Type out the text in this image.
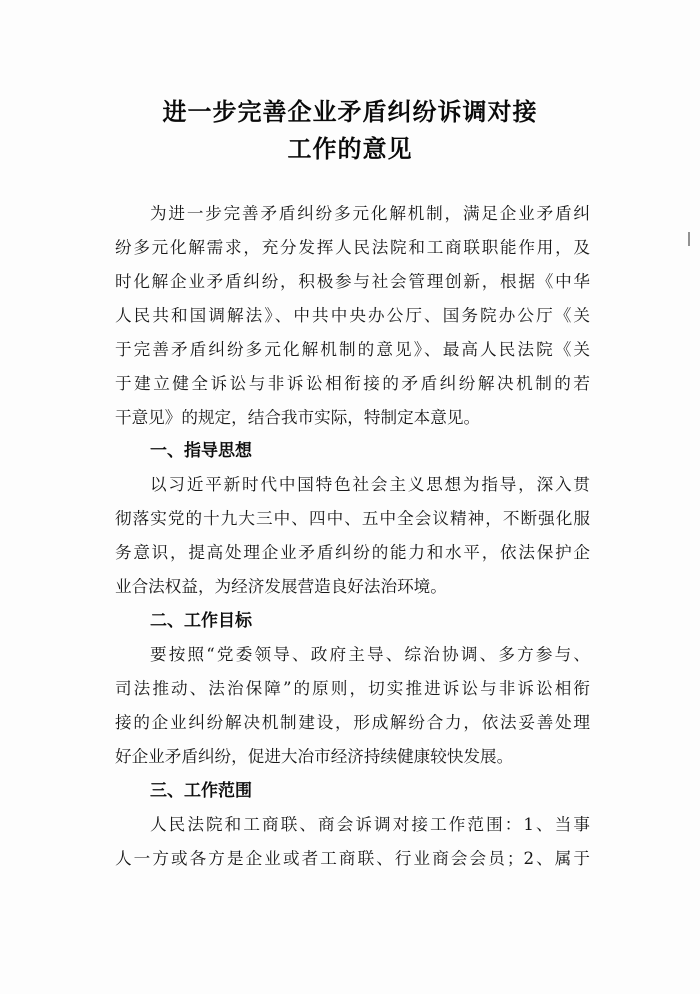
进一步完善企业矛盾纠纷诉调对接
工作的意见
为进一步完善矛盾纠纷多元化解机制，满足企业矛盾纠
纷多元化解需求，充分发挥人民法院和工商联职能作用，及
时化解企业矛盾纠纷，积极参与社会管理创新，根据《中华
人民共和国调解法》、中共中央办公厅、国务院办公厅《关
于完善矛盾纠纷多元化解机制的意见》、最高人民法院《关
于建立健全诉讼与非诉讼相衔接的矛盾纠纷解决机制的若
干意见》的规定，结合我市实际，特制定本意见。
一、指导思想
以习近平新时代中国特色社会主义思想为指导，深入贯
彻落实党的十九大三中、四中、五中全会议精神，不断强化服
务意识，提高处理企业矛盾纠纷的能力和水平，依法保护企
业合法权益，为经济发展营造良好法治环境。
二、工作目标
要按照“党委领导、政府主导、综治协调、多方参与、
司法推动、法治保障”的原则，切实推进诉讼与非诉讼相衔
接的企业纠纷解决机制建设，形成解纷合力，依法妥善处理
好企业矛盾纠纷，促进大冶市经济持续健康较快发展。
三、工作范围
人民法院和工商联、商会诉调对接工作范围：1、当事
人一方或各方是企业或者工商联、行业商会会员；2、属于
